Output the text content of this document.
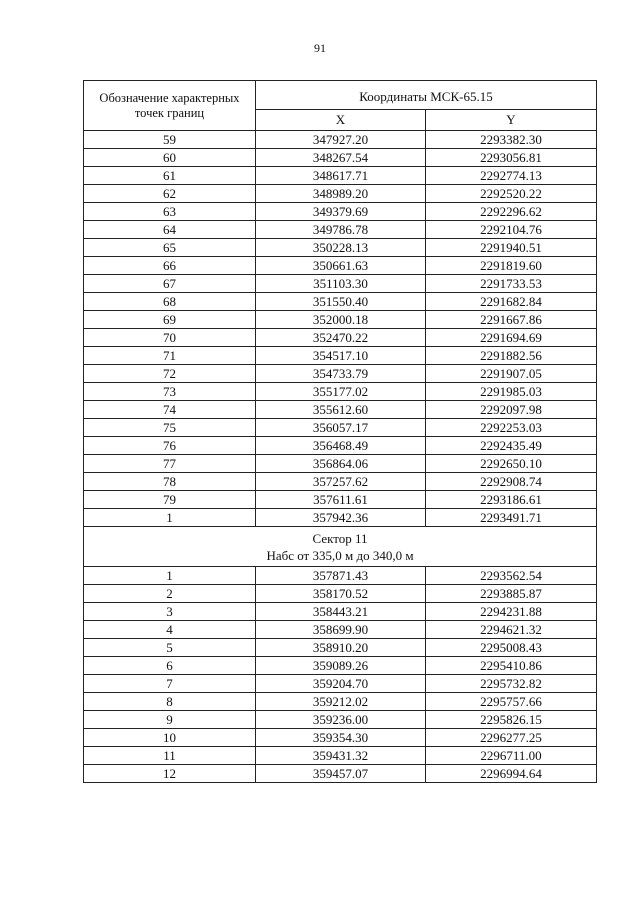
91
Обозначение характерных точек границ	Координаты МСК-65.15	
	X	Y
59	347927.20	2293382.30
60	348267.54	2293056.81
61	348617.71	2292774.13
62	348989.20	2292520.22
63	349379.69	2292296.62
64	349786.78	2292104.76
65	350228.13	2291940.51
66	350661.63	2291819.60
67	351103.30	2291733.53
68	351550.40	2291682.84
69	352000.18	2291667.86
70	352470.22	2291694.69
71	354517.10	2291882.56
72	354733.79	2291907.05
73	355177.02	2291985.03
74	355612.60	2292097.98
75	356057.17	2292253.03
76	356468.49	2292435.49
77	356864.06	2292650.10
78	357257.62	2292908.74
79	357611.61	2293186.61
1	357942.36	2293491.71

Сектор 11
Набс от 335,0 м до 340,0 м		

1	357871.43	2293562.54
2	358170.52	2293885.87
3	358443.21	2294231.88
4	358699.90	2294621.32
5	358910.20	2295008.43
6	359089.26	2295410.86
7	359204.70	2295732.82
8	359212.02	2295757.66
9	359236.00	2295826.15
10	359354.30	2296277.25
11	359431.32	2296711.00
12	359457.07	2296994.64
